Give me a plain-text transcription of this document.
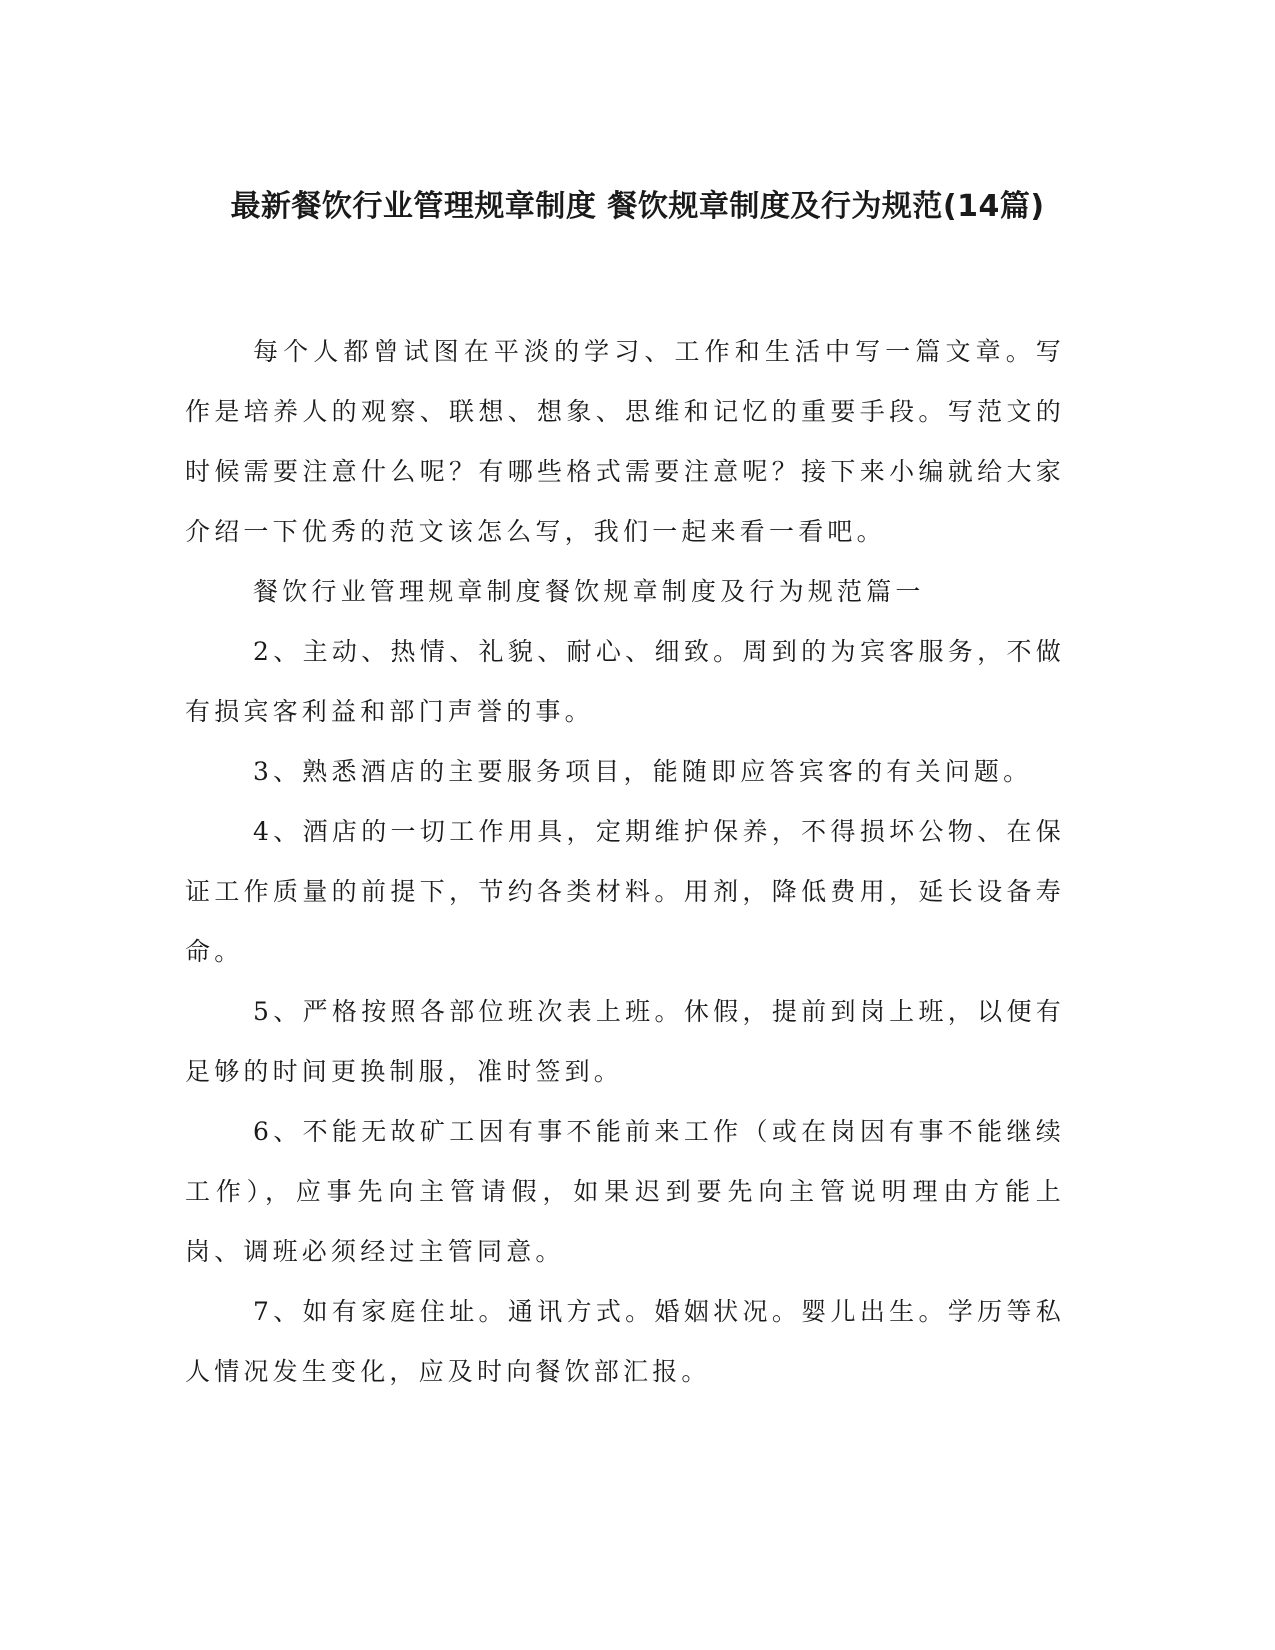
最新餐饮行业管理规章制度 餐饮规章制度及行为规范(14篇)

每个人都曾试图在平淡的学习、工作和生活中写一篇文章。写作是培养人的观察、联想、想象、思维和记忆的重要手段。写范文的时候需要注意什么呢？有哪些格式需要注意呢？接下来小编就给大家介绍一下优秀的范文该怎么写，我们一起来看一看吧。

餐饮行业管理规章制度餐饮规章制度及行为规范篇一

2、主动、热情、礼貌、耐心、细致。周到的为宾客服务，不做有损宾客利益和部门声誉的事。

3、熟悉酒店的主要服务项目，能随即应答宾客的有关问题。

4、酒店的一切工作用具，定期维护保养，不得损坏公物、在保证工作质量的前提下，节约各类材料。用剂，降低费用，延长设备寿命。

5、严格按照各部位班次表上班。休假，提前到岗上班，以便有足够的时间更换制服，准时签到。

6、不能无故矿工因有事不能前来工作（或在岗因有事不能继续工作），应事先向主管请假，如果迟到要先向主管说明理由方能上岗、调班必须经过主管同意。

7、如有家庭住址。通讯方式。婚姻状况。婴儿出生。学历等私人情况发生变化，应及时向餐饮部汇报。
